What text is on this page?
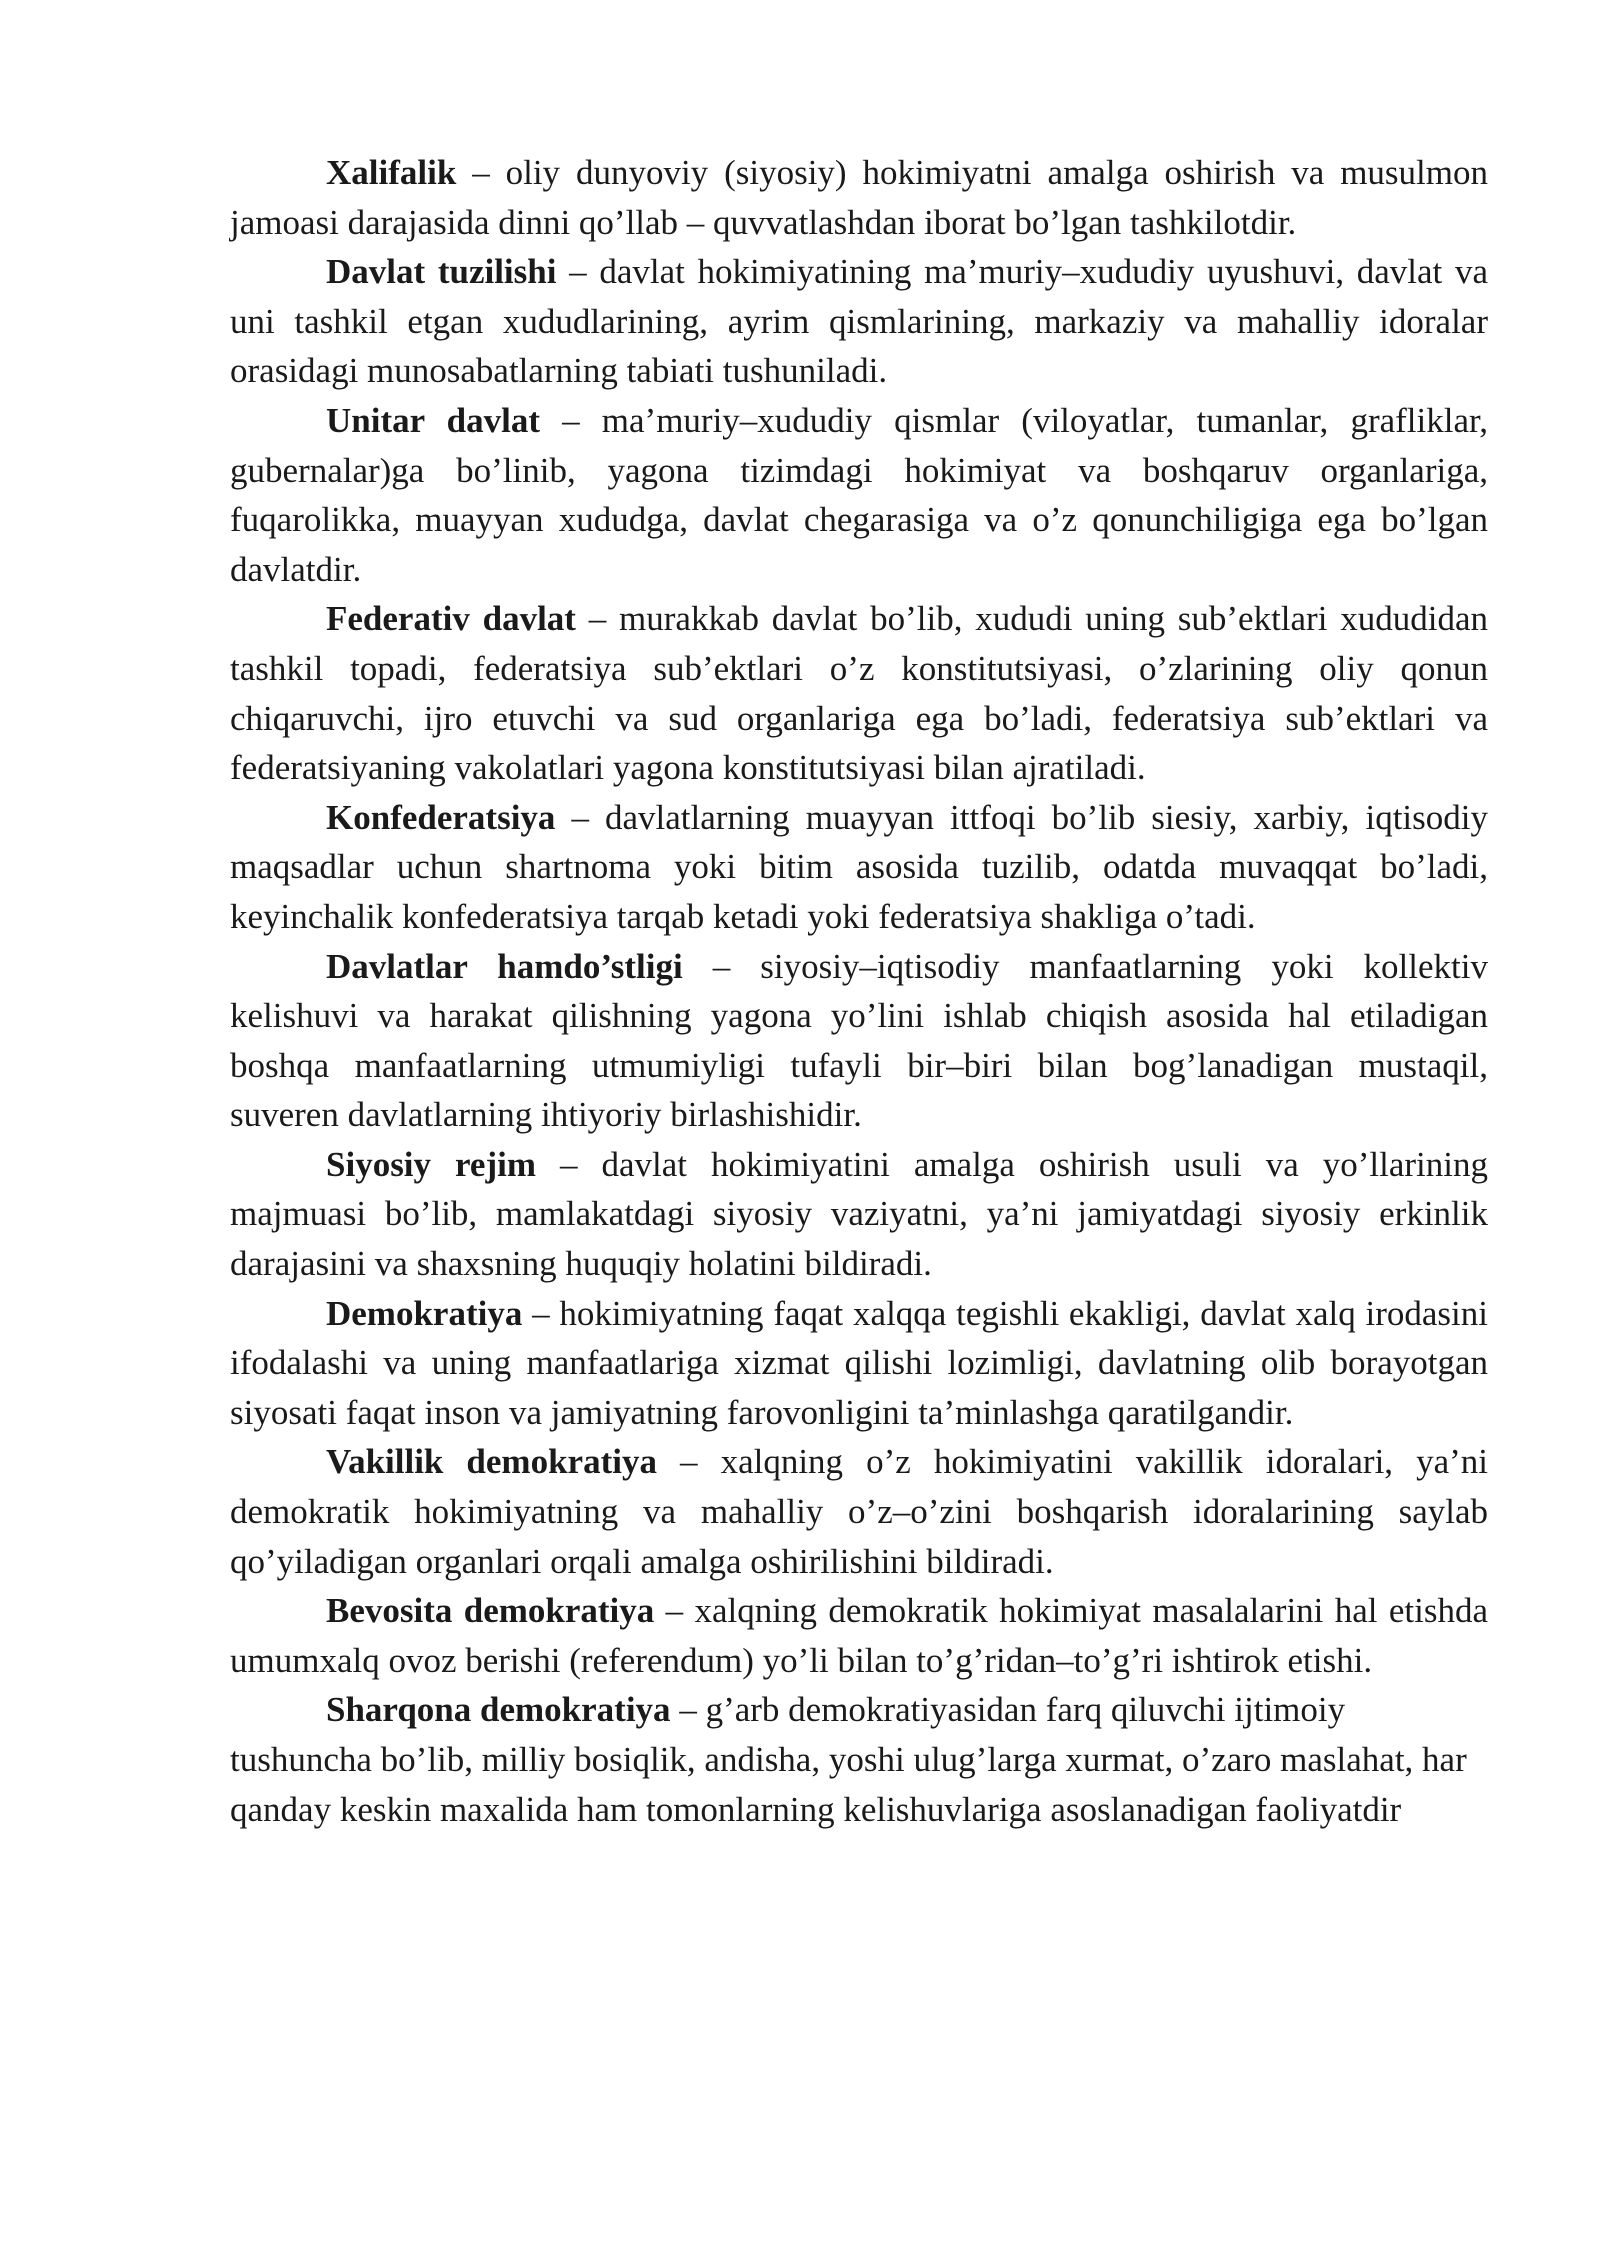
Xalifalik – oliy dunyoviy (siyosiy) hokimiyatni amalga oshirish va musulmon jamoasi darajasida dinni qo’llab – quvvatlashdan iborat bo’lgan tashkilotdir.

Davlat tuzilishi – davlat hokimiyatining ma’muriy–xududiy uyushuvi, davlat va uni tashkil etgan xududlarining, ayrim qismlarining, markaziy va mahalliy idoralar orasidagi munosabatlarning tabiati tushuniladi.

Unitar davlat – ma’muriy–xududiy qismlar (viloyatlar, tumanlar, grafliklar, gubernalar)ga bo’linib, yagona tizimdagi hokimiyat va boshqaruv organlariga, fuqarolikka, muayyan xududga, davlat chegarasiga va o’z qonunchiligiga ega bo’lgan davlatdir.

Federativ davlat – murakkab davlat bo’lib, xududi uning sub’ektlari xududidan tashkil topadi, federatsiya sub’ektlari o’z konstitutsiyasi, o’zlarining oliy qonun chiqaruvchi, ijro etuvchi va sud organlariga ega bo’ladi, federatsiya sub’ektlari va federatsiyaning vakolatlari yagona konstitutsiyasi bilan ajratiladi.

Konfederatsiya – davlatlarning muayyan ittfoqi bo’lib siesiy, xarbiy, iqtisodiy maqsadlar uchun shartnoma yoki bitim asosida tuzilib, odatda muvaqqat bo’ladi, keyinchalik konfederatsiya tarqab ketadi yoki federatsiya shakliga o’tadi.

Davlatlar hamdo’stligi – siyosiy–iqtisodiy manfaatlarning yoki kollektiv kelishuvi va harakat qilishning yagona yo’lini ishlab chiqish asosida hal etiladigan boshqa manfaatlarning utmumiyligi tufayli bir–biri bilan bog’lanadigan mustaqil, suveren davlatlarning ihtiyoriy birlashishidir.

Siyosiy rejim – davlat hokimiyatini amalga oshirish usuli va yo’llarining majmuasi bo’lib, mamlakatdagi siyosiy vaziyatni, ya’ni jamiyatdagi siyosiy erkinlik darajasini va shaxsning huquqiy holatini bildiradi.

Demokratiya – hokimiyatning faqat xalqqa tegishli ekakligi, davlat xalq irodasini ifodalashi va uning manfaatlariga xizmat qilishi lozimligi, davlatning olib borayotgan siyosati faqat inson va jamiyatning farovonligini ta’minlashga qaratilgandir.

Vakillik demokratiya – xalqning o’z hokimiyatini vakillik idoralari, ya’ni demokratik hokimiyatning va mahalliy o’z–o’zini boshqarish idoralarining saylab qo’yiladigan organlari orqali amalga oshirilishini bildiradi.

Bevosita demokratiya – xalqning demokratik hokimiyat masalalarini hal etishda umumxalq ovoz berishi (referendum) yo’li bilan to’g’ridan–to’g’ri ishtirok etishi.

Sharqona demokratiya – g’arb demokratiyasidan farq qiluvchi ijtimoiy tushuncha bo’lib, milliy bosiqlik, andisha, yoshi ulug’larga xurmat, o’zaro maslahat, har qanday keskin maxalida ham tomonlarning kelishuvlariga asoslanadigan faoliyatdir
